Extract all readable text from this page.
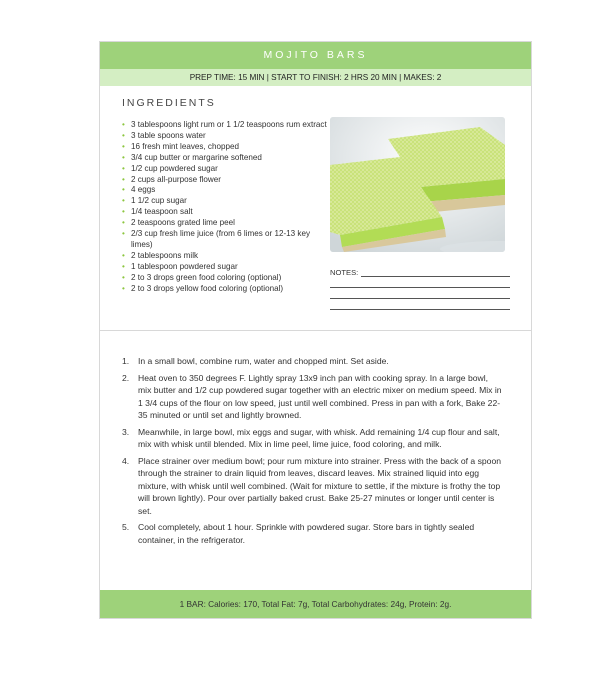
MOJITO BARS
PREP TIME: 15 MIN | START TO FINISH: 2 HRS 20 MIN | MAKES: 2
INGREDIENTS
• 3 tablespoons light rum or 1 1/2 teaspoons rum extract
• 3 table spoons water
• 16 fresh mint leaves, chopped
• 3/4 cup butter or margarine softened
• 1/2 cup powdered sugar
• 2 cups all-purpose flower
• 4 eggs
• 1 1/2 cup sugar
• 1/4 teaspoon salt
• 2 teaspoons grated lime peel
• 2/3 cup fresh lime juice (from 6 limes or 12-13 key limes)
• 2 tablespoons milk
• 1 tablespoon powdered sugar
• 2 to 3 drops green food coloring (optional)
• 2 to 3 drops yellow food coloring (optional)
NOTES:
1. In a small bowl, combine rum, water and chopped mint. Set aside.
2. Heat oven to 350 degrees F. Lightly spray 13x9 inch pan with cooking spray. In a large bowl, mix butter and 1/2 cup powdered sugar together with an electric mixer on medium speed. Mix in 1 3/4 cups of the flour on low speed, just until well combined. Press in pan with a fork, Bake 22-35 minuted or until set and lightly browned.
3. Meanwhile, in large bowl, mix eggs and sugar, with whisk. Add remaining 1/4 cup flour and salt, mix with whisk until blended. Mix in lime peel, lime juice, food coloring, and milk.
4. Place strainer over medium bowl; pour rum mixture into strainer. Press with the back of a spoon through the strainer to drain liquid from leaves, discard leaves. Mix strained liquid into egg mixture, with whisk until well combined. (Wait for mixture to settle, if the mixture is frothy the top will brown lightly). Pour over partially baked crust. Bake 25-27 minutes or longer until center is set.
5. Cool completely, about 1 hour. Sprinkle with powdered sugar. Store bars in tightly sealed container, in the refrigerator.
1 BAR: Calories: 170, Total Fat: 7g, Total Carbohydrates: 24g, Protein: 2g.
